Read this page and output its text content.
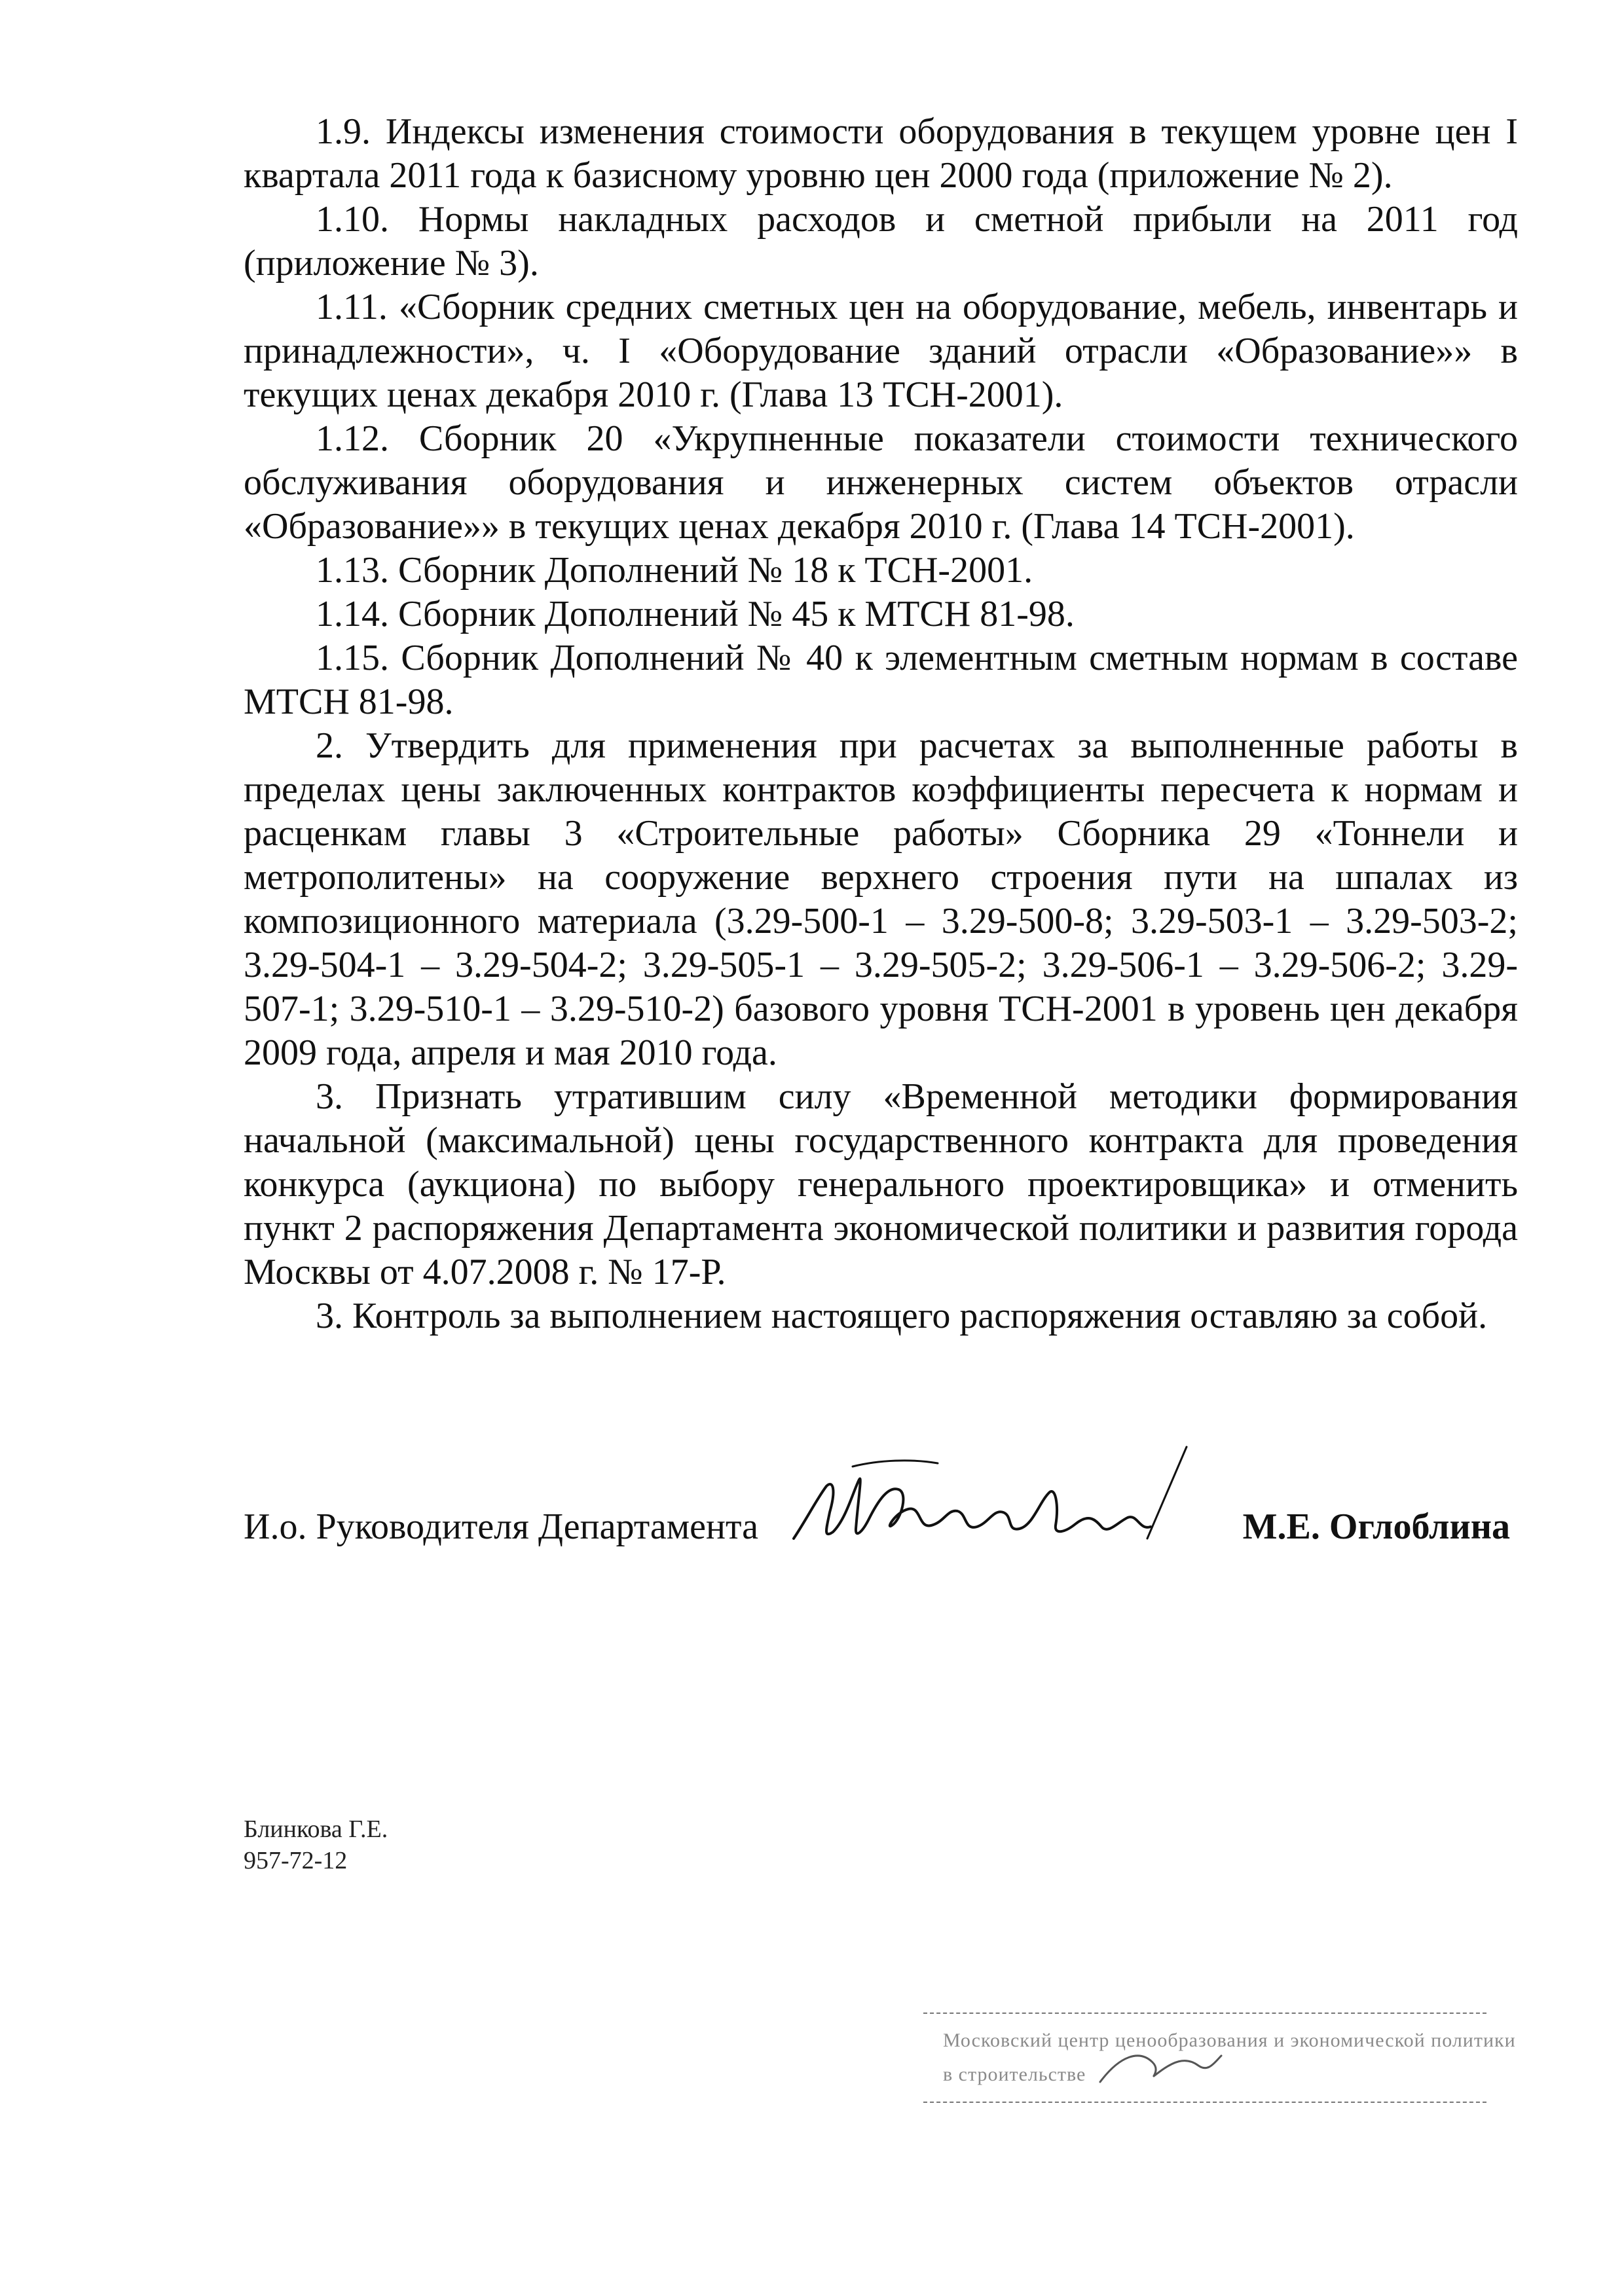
1.9. Индексы изменения стоимости оборудования в текущем уровне цен I квартала 2011 года к базисному уровню цен 2000 года (приложение № 2).

1.10. Нормы накладных расходов и сметной прибыли на 2011 год (приложение № 3).

1.11. «Сборник средних сметных цен на оборудование, мебель, инвентарь и принадлежности», ч. I «Оборудование зданий отрасли «Образование»» в текущих ценах декабря 2010 г. (Глава 13 ТСН-2001).

1.12. Сборник 20 «Укрупненные показатели стоимости технического обслуживания оборудования и инженерных систем объектов отрасли «Образование»» в текущих ценах декабря 2010 г. (Глава 14 ТСН-2001).

1.13. Сборник Дополнений № 18 к ТСН-2001.

1.14. Сборник Дополнений № 45 к МТСН 81-98.

1.15. Сборник Дополнений № 40 к элементным сметным нормам в составе МТСН 81-98.

2. Утвердить для применения при расчетах за выполненные работы в пределах цены заключенных контрактов коэффициенты пересчета к нормам и расценкам главы 3 «Строительные работы» Сборника 29 «Тоннели и метрополитены» на сооружение верхнего строения пути на шпалах из композиционного материала (3.29-500-1 – 3.29-500-8; 3.29-503-1 – 3.29-503-2; 3.29-504-1 – 3.29-504-2; 3.29-505-1 – 3.29-505-2; 3.29-506-1 – 3.29-506-2; 3.29-507-1; 3.29-510-1 – 3.29-510-2) базового уровня ТСН-2001 в уровень цен декабря 2009 года, апреля и мая 2010 года.

3. Признать утратившим силу «Временной методики формирования начальной (максимальной) цены государственного контракта для проведения конкурса (аукциона) по выбору генерального проектировщика» и отменить пункт 2 распоряжения Департамента экономической политики и развития города Москвы от 4.07.2008 г. № 17-Р.

3. Контроль за выполнением настоящего распоряжения оставляю за собой.

И.о. Руководителя Департамента	М.Е. Оглоблина
Блинкова Г.Е.
957-72-12
Московский центр ценообразования и экономической политики
в строительстве
